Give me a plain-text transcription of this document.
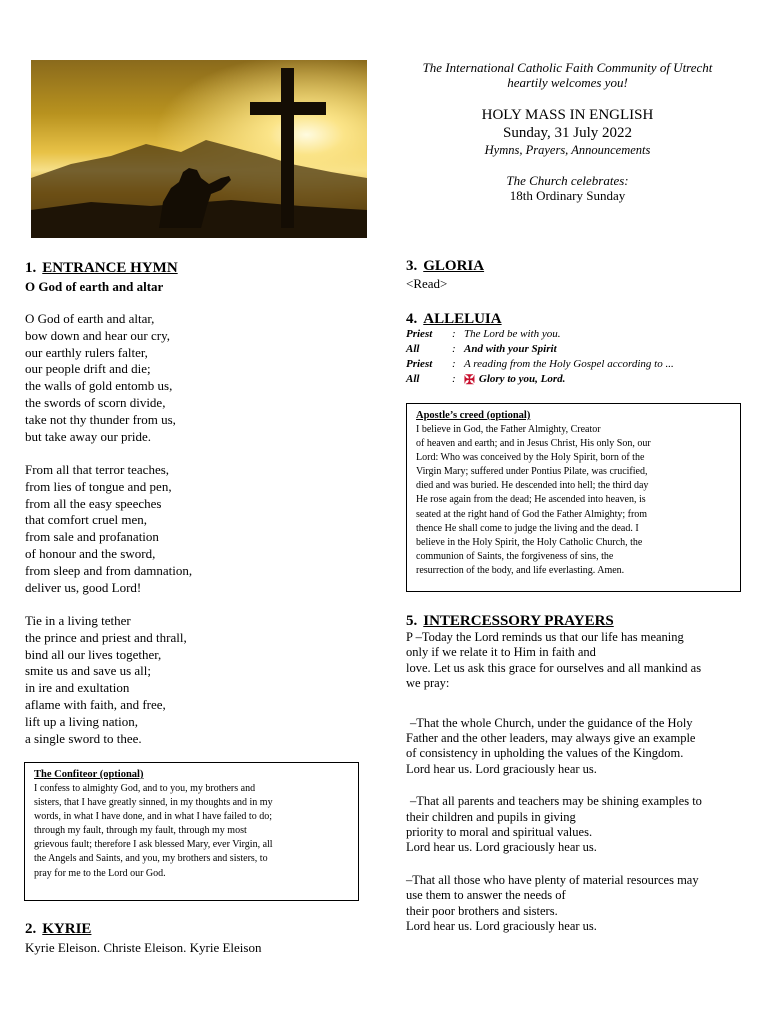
The International Catholic Faith Community of Utrecht
heartily welcomes you!
HOLY MASS IN ENGLISH
Sunday, 31 July 2022
Hymns, Prayers, Announcements
The Church celebrates:
18th Ordinary Sunday
1. ENTRANCE HYMN
O God of earth and altar
O God of earth and altar,
bow down and hear our cry,
our earthly rulers falter,
our people drift and die;
the walls of gold entomb us,
the swords of scorn divide,
take not thy thunder from us,
but take away our pride.
From all that terror teaches,
from lies of tongue and pen,
from all the easy speeches
that comfort cruel men,
from sale and profanation
of honour and the sword,
from sleep and from damnation,
deliver us, good Lord!
Tie in a living tether
the prince and priest and thrall,
bind all our lives together,
smite us and save us all;
in ire and exultation
aflame with faith, and free,
lift up a living nation,
a single sword to thee.
The Confiteor (optional)
I confess to almighty God, and to you, my brothers and
sisters, that I have greatly sinned, in my thoughts and in my
words, in what I have done, and in what I have failed to do;
through my fault, through my fault, through my most
grievous fault; therefore I ask blessed Mary, ever Virgin, all
the Angels and Saints, and you, my brothers and sisters, to
pray for me to the Lord our God.
2. KYRIE
Kyrie Eleison. Christe Eleison. Kyrie Eleison
3. GLORIA
<Read>
4. ALLELUIA
Priest	: The Lord be with you.
All	: And with your Spirit
Priest	: A reading from the Holy Gospel according to ...
All	: ✠ Glory to you, Lord.
Apostle’s creed (optional)
I believe in God, the Father Almighty, Creator
of heaven and earth; and in Jesus Christ, His only Son, our
Lord: Who was conceived by the Holy Spirit, born of the
Virgin Mary; suffered under Pontius Pilate, was crucified,
died and was buried. He descended into hell; the third day
He rose again from the dead; He ascended into heaven, is
seated at the right hand of God the Father Almighty; from
thence He shall come to judge the living and the dead. I
believe in the Holy Spirit, the Holy Catholic Church, the
communion of Saints, the forgiveness of sins, the
resurrection of the body, and life everlasting. Amen.
5. INTERCESSORY PRAYERS
P –Today the Lord reminds us that our life has meaning
only if we relate it to Him in faith and
love. Let us ask this grace for ourselves and all mankind as
we pray:
–That the whole Church, under the guidance of the Holy
Father and the other leaders, may always give an example
of consistency in upholding the values of the Kingdom.
Lord hear us. Lord graciously hear us.
–That all parents and teachers may be shining examples to
their children and pupils in giving
priority to moral and spiritual values.
Lord hear us. Lord graciously hear us.
–That all those who have plenty of material resources may
use them to answer the needs of
their poor brothers and sisters.
Lord hear us. Lord graciously hear us.
